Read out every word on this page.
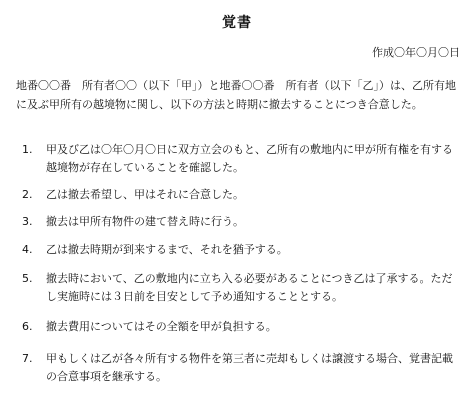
覚書
作成〇年〇月〇日
地番〇〇番　所有者〇〇（以下「甲」）と地番〇〇番　所有者（以下「乙」）は、乙所有地に及ぶ甲所有の越境物に関し、以下の方法と時期に撤去することにつき合意した。
1.	甲及び乙は〇年〇月〇日に双方立会のもと、乙所有の敷地内に甲が所有権を有する越境物が存在していることを確認した。
2.	乙は撤去希望し、甲はそれに合意した。
3.	撤去は甲所有物件の建て替え時に行う。
4.	乙は撤去時期が到来するまで、それを猶予する。
5.	撤去時において、乙の敷地内に立ち入る必要があることにつき乙は了承する。ただし実施時には３日前を目安として予め通知することとする。
6.	撤去費用についてはその全額を甲が負担する。
7.	甲もしくは乙が各々所有する物件を第三者に売却もしくは譲渡する場合、覚書記載の合意事項を継承する。
